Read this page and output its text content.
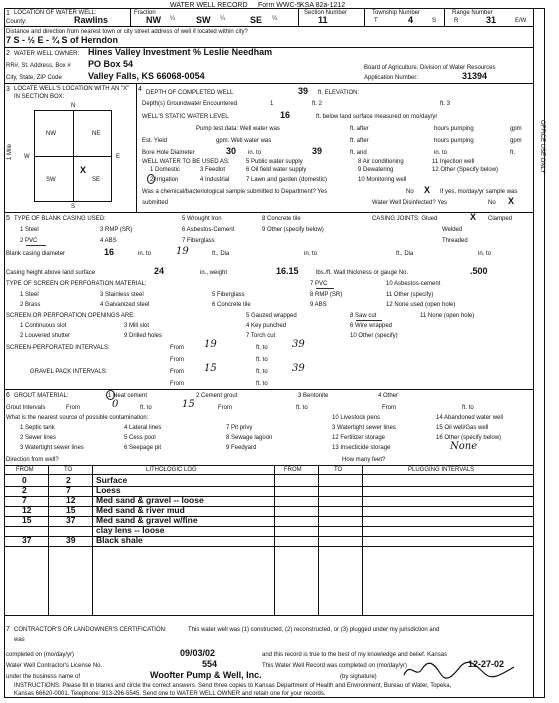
WATER WELL RECORD Form WWC-5 KSA 82a-1212
OFFICE USE ONLY
1 LOCATION OF WATER WELL:
County:	Rawlins
Fraction
NW ¼ SW ¼	SE ¼
Section Number
11
Township Number
T	4	S
Range Number
R	31	E/W
Distance and direction from nearest town or city street address of well if located within city?
7 S - ½ E - ¾ S of Herndon
2 WATER WELL OWNER: Hines Valley Investment % Leslie Needham
RR#, St. Address, Box # PO Box 54
City, State, ZIP Code	Valley Falls, KS 66068-0054
Board of Agriculture, Division of Water Resources
Application Number:	31394
3 LOCATE WELL'S LOCATION WITH AN "X" IN SECTION BOX:
N
S
E
W
NW	NE
SW	SE
X
1 Mile
4 DEPTH OF COMPLETED WELL	39 ft. ELEVATION:
Depth(s) Groundwater Encountered	1	ft. 2	ft. 3
WELL'S STATIC WATER LEVEL	16	ft. below land surface measured on mo/day/yr
Pump test data: Well water was	ft. after	hours pumping	gpm
Est. Yield	gpm: Well water was	ft. after	hours pumping	gpm
Bore Hole Diameter	30 in. to	39	ft. and	in. to	ft.
WELL WATER TO BE USED AS:	5 Public water supply	8 Air conditioning	11 Injection well
1 Domestic	3 Feedlot	6 Oil field water supply	9 Dewatering	12 Other (Specify below)
2 Irrigation	4 Industrial	7 Lawn and garden (domestic)	10 Monitoring well
Was a chemical/bacteriological sample submitted to Department? Yes	No X If yes, mo/day/yr sample was
submitted	Water Well Disinfected? Yes	No X
5 TYPE OF BLANK CASING USED:	5 Wrought Iron	8 Concrete tile	CASING JOINTS: Glued	X Clamped
1 Steel	3 RMP (SR)	6 Asbestos-Cement	9 Other (specify below)	Welded
2 PVC	4 ABS	7 Fiberglass	Threaded
Blank casing diameter	16	in. to 19	ft., Dia	in. to	ft., Dia	in. to
Casing height above land surface	24	in., weight	16.15	lbs./ft. Wall thickness or gauge No.	.500
TYPE OF SCREEN OR PERFORATION MATERIAL:	7 PVC	10 Asbestos-cement
1 Steel	3 Stainless steel	5 Fiberglass	8 RMP (SR)	11 Other (specify)
2 Brass	4 Galvanized steel	6 Concrete tile	9 ABS	12 None used (open hole)
SCREEN OR PERFORATION OPENINGS ARE:	5 Gauzed wrapped	8 Saw cut	11 None (open hole)
1 Continuous slot	3 Mill slot	4 Key punched	6 Wire wrapped
2 Louvered shutter	9 Drilled holes	7 Torch cut	10 Other (specify)
SCREEN-PERFORATED INTERVALS:	From 19	ft. to 39
From	ft. to
GRAVEL PACK INTERVALS:	From 15	ft. to 39
From	ft. to
6 GROUT MATERIAL:	1 Neat cement	2 Cement grout	3 Bentonite	4 Other
Grout Intervals	From	0	ft. to	15	From	ft. to	From	ft. to
What is the nearest source of possible contamination:	10 Livestock pens	14 Abandoned water well
1 Septic tank	4 Lateral lines	7 Pit privy	3 Watertight sewer lines	15 Oil well/Gas well
2 Sewer lines	5 Cess pool	8 Sewage lagoon	12 Fertilizer storage	16 Other (specify below)
3 Watertight sewer lines	6 Seepage pit	9 Feedyard	13 Insecticide storage	None
Direction from well?	How many feet?
FROM	TO	LITHOLOGIC LOG	FROM	TO	PLUGGING INTERVALS
0	2	Surface
2	7	Loess
7	12 Med sand & gravel -- loose
12	15 Med sand & river mud
15	37 Med sand & gravel w/fine
clay lens -- loose
37	39 Black shale
7 CONTRACTOR'S OR LANDOWNER'S CERTIFICATION:	This water well was (1) constructed, (2) reconstructed, or (3) plugged under my jurisdiction and
was
completed on (mo/day/yr)	09/03/02	and this record is true to the best of my knowledge and belief. Kansas
Water Well Contractor's License No.	554	This Water Well Record was completed on (mo/day/yr)	12-27-02
under the business name of	Woofter Pump & Well, Inc.	(by signature)
INSTRUCTIONS: Please fill in blanks and circle the correct answers. Send three copies to Kansas Department of Health and Environment, Bureau of Water, Topeka,
Kansas 66620-0001. Telephone: 913-296-5545. Send one to WATER WELL OWNER and retain one for your records.
